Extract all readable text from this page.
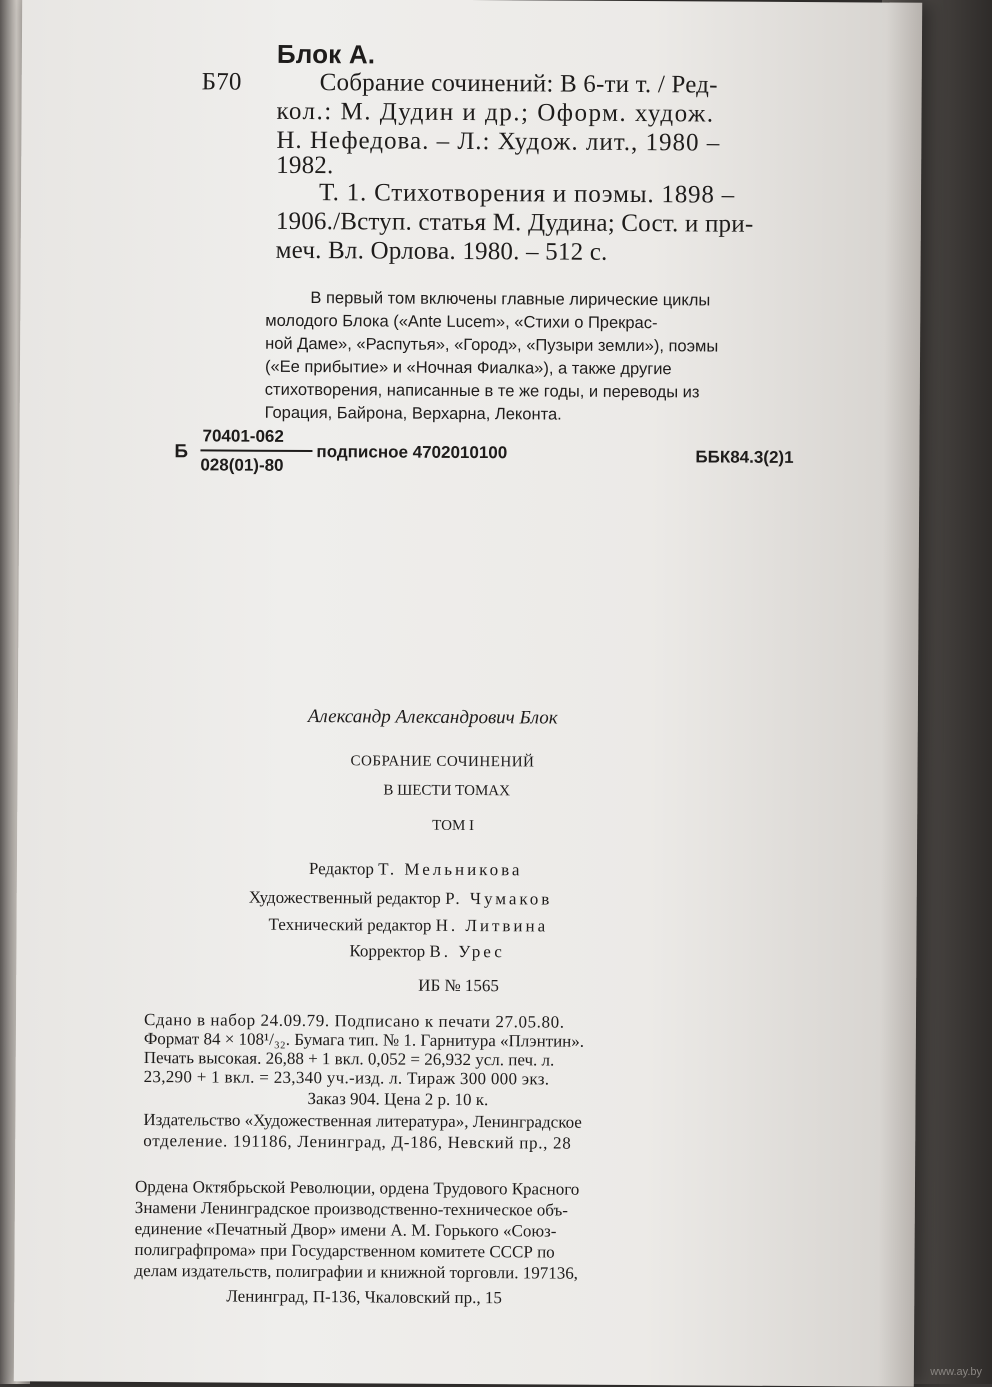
Блок А.
Б70	Собрание сочинений: В 6-ти т. / Ред-
кол.: М. Дудин и др.; Оформ. худож.
Н. Нефедова. – Л.: Худож. лит., 1980 –
1982.
Т. 1. Стихотворения и поэмы. 1898 –
1906./Вступ. статья М. Дудина; Сост. и при-
меч. Вл. Орлова. 1980. – 512 с.
В первый том включены главные лирические циклы
молодого Блока («Ante Lucem», «Стихи о Прекрас-
ной Даме», «Распутья», «Город», «Пузыри земли»), поэмы
(«Ее прибытие» и «Ночная Фиалка»), а также другие
стихотворения, написанные в те же годы, и переводы из
Горация, Байрона, Верхарна, Леконта.
Б
70401-062
028(01)-80
подписное 4702010100	ББК84.3(2)1
Александр Александрович Блок
СОБРАНИЕ СОЧИНЕНИЙ
В ШЕСТИ ТОМАХ
ТОМ I
Редактор Т. Мельникова
Художественный редактор Р. Чумаков
Технический редактор Н. Литвина
Корректор В. Урес
ИБ № 1565
Сдано в набор 24.09.79. Подписано к печати 27.05.80.
Формат 84 × 108¹/₃₂. Бумага тип. № 1. Гарнитура «Плэнтин».
Печать высокая. 26,88 + 1 вкл. 0,052 = 26,932 усл. печ. л.
23,290 + 1 вкл. = 23,340 уч.-изд. л. Тираж 300 000 экз.
Заказ 904. Цена 2 р. 10 к.
Издательство «Художественная литература», Ленинградское
отделение. 191186, Ленинград, Д-186, Невский пр., 28
Ордена Октябрьской Революции, ордена Трудового Красного
Знамени Ленинградское производственно-техническое объ-
единение «Печатный Двор» имени А. М. Горького «Союз-
полиграфпрома» при Государственном комитете СССР по
делам издательств, полиграфии и книжной торговли. 197136,
Ленинград, П-136, Чкаловский пр., 15
www.ay.by
